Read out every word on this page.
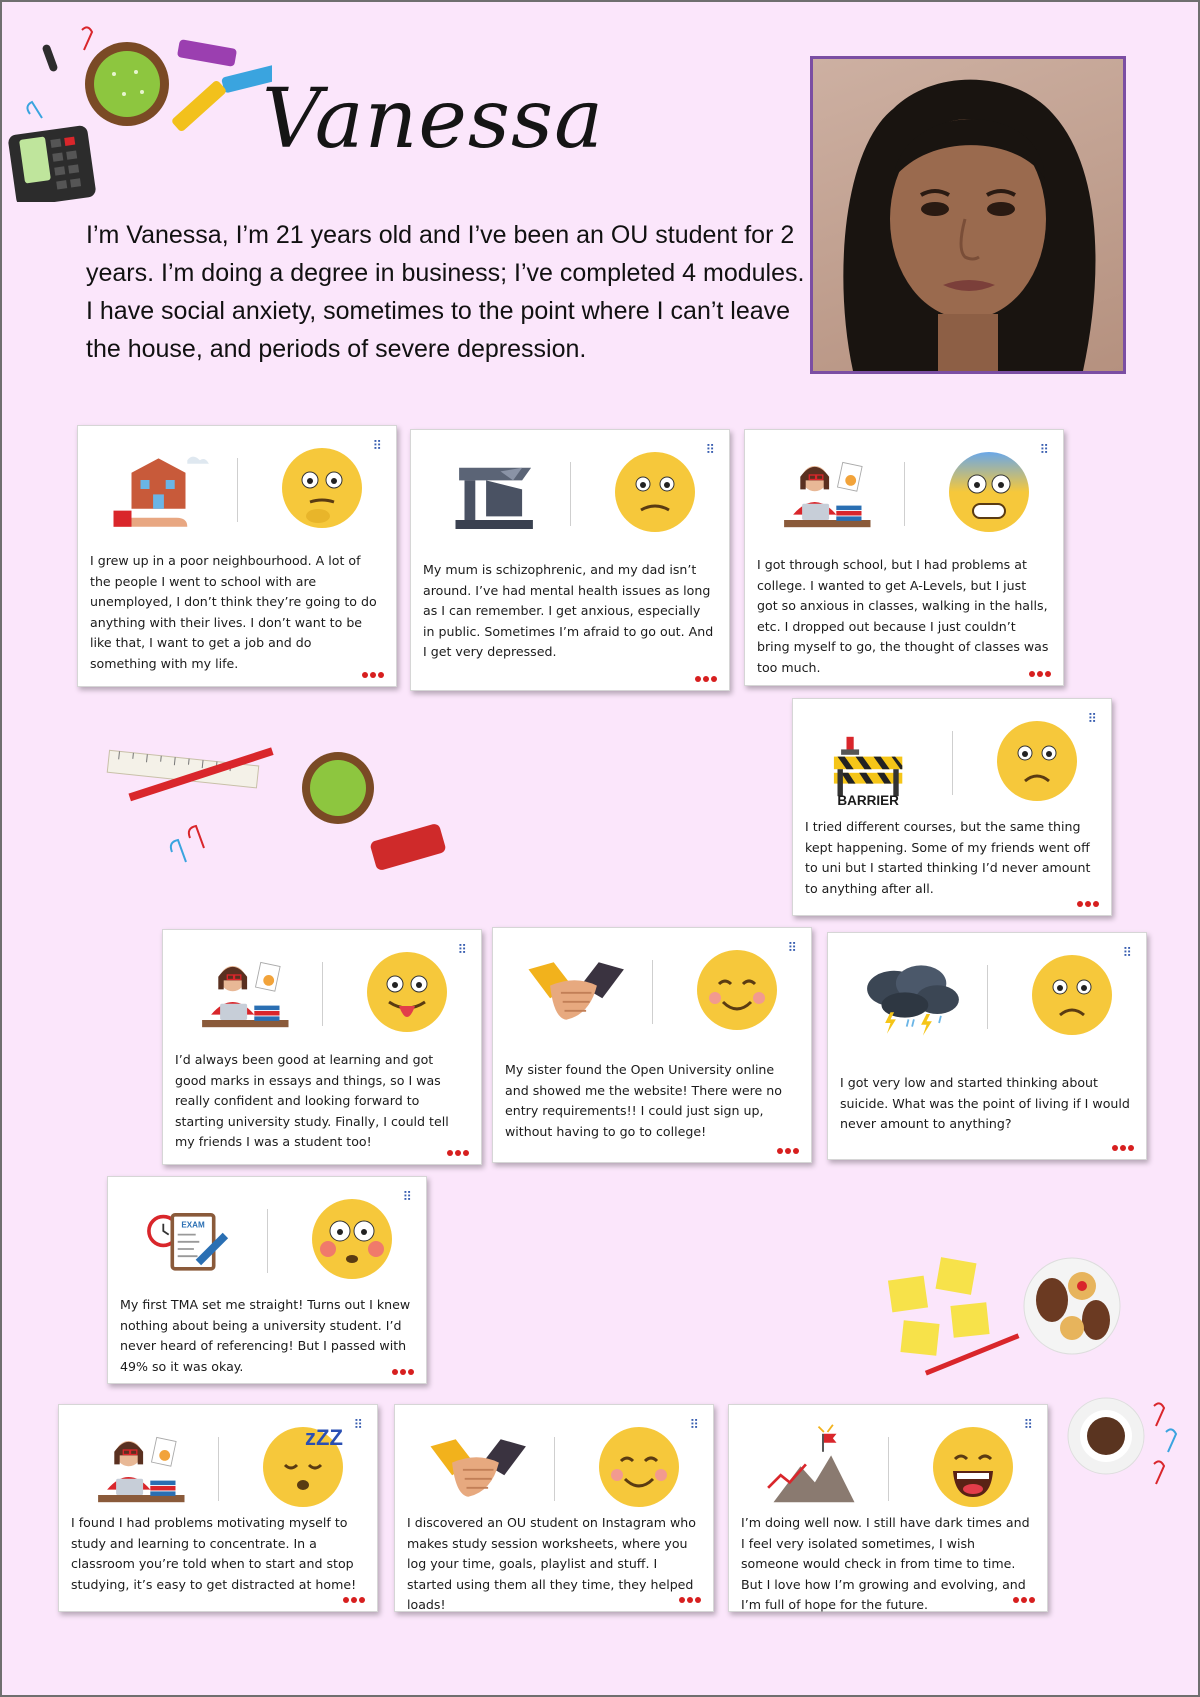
Vanessa
I’m Vanessa, I’m 21 years old and I’ve been an OU student for 2 years. I’m doing a degree in business; I’ve completed 4 modules. I have social anxiety, sometimes to the point where I can’t leave the house, and periods of severe depression.
⠿
I grew up in a poor neighbourhood. A lot of the people I went to school with are unemployed, I don’t think they’re going to do anything with their lives. I don’t want to be like that, I want to get a job and do something with my life.
⠿
My mum is schizophrenic, and my dad isn’t around. I’ve had mental health issues as long as I can remember. I get anxious, especially in public. Sometimes I’m afraid to go out. And I get very depressed.
⠿
I got through school, but I had problems at college. I wanted to get A-Levels, but I just got so anxious in classes, walking in the halls, etc. I dropped out because I just couldn’t bring myself to go, the thought of classes was too much.
⠿
BARRIER
I tried different courses, but the same thing kept happening. Some of my friends went off to uni but I started thinking I’d never amount to anything after all.
⠿
I’d always been good at learning and got good marks in essays and things, so I was really confident and looking forward to starting university study. Finally, I could tell my friends I was a student too!
⠿
My sister found the Open University online and showed me the website! There were no entry requirements!! I could just sign up, without having to go to college!
⠿
I got very low and started thinking about suicide. What was the point of living if I would never amount to anything?
⠿
EXAM
My first TMA set me straight! Turns out I knew nothing about being a university student. I’d never heard of referencing! But I passed with 49% so it was okay.
⠿
zZZ
I found I had problems motivating myself to study and learning to concentrate. In a classroom you’re told when to start and stop studying, it’s easy to get distracted at home!
⠿
I discovered an OU student on Instagram who makes study session worksheets, where you log your time, goals, playlist and stuff. I started using them all they time, they helped loads!
⠿
I’m doing well now. I still have dark times and I feel very isolated sometimes, I wish someone would check in from time to time. But I love how I’m growing and evolving, and I’m full of hope for the future.
